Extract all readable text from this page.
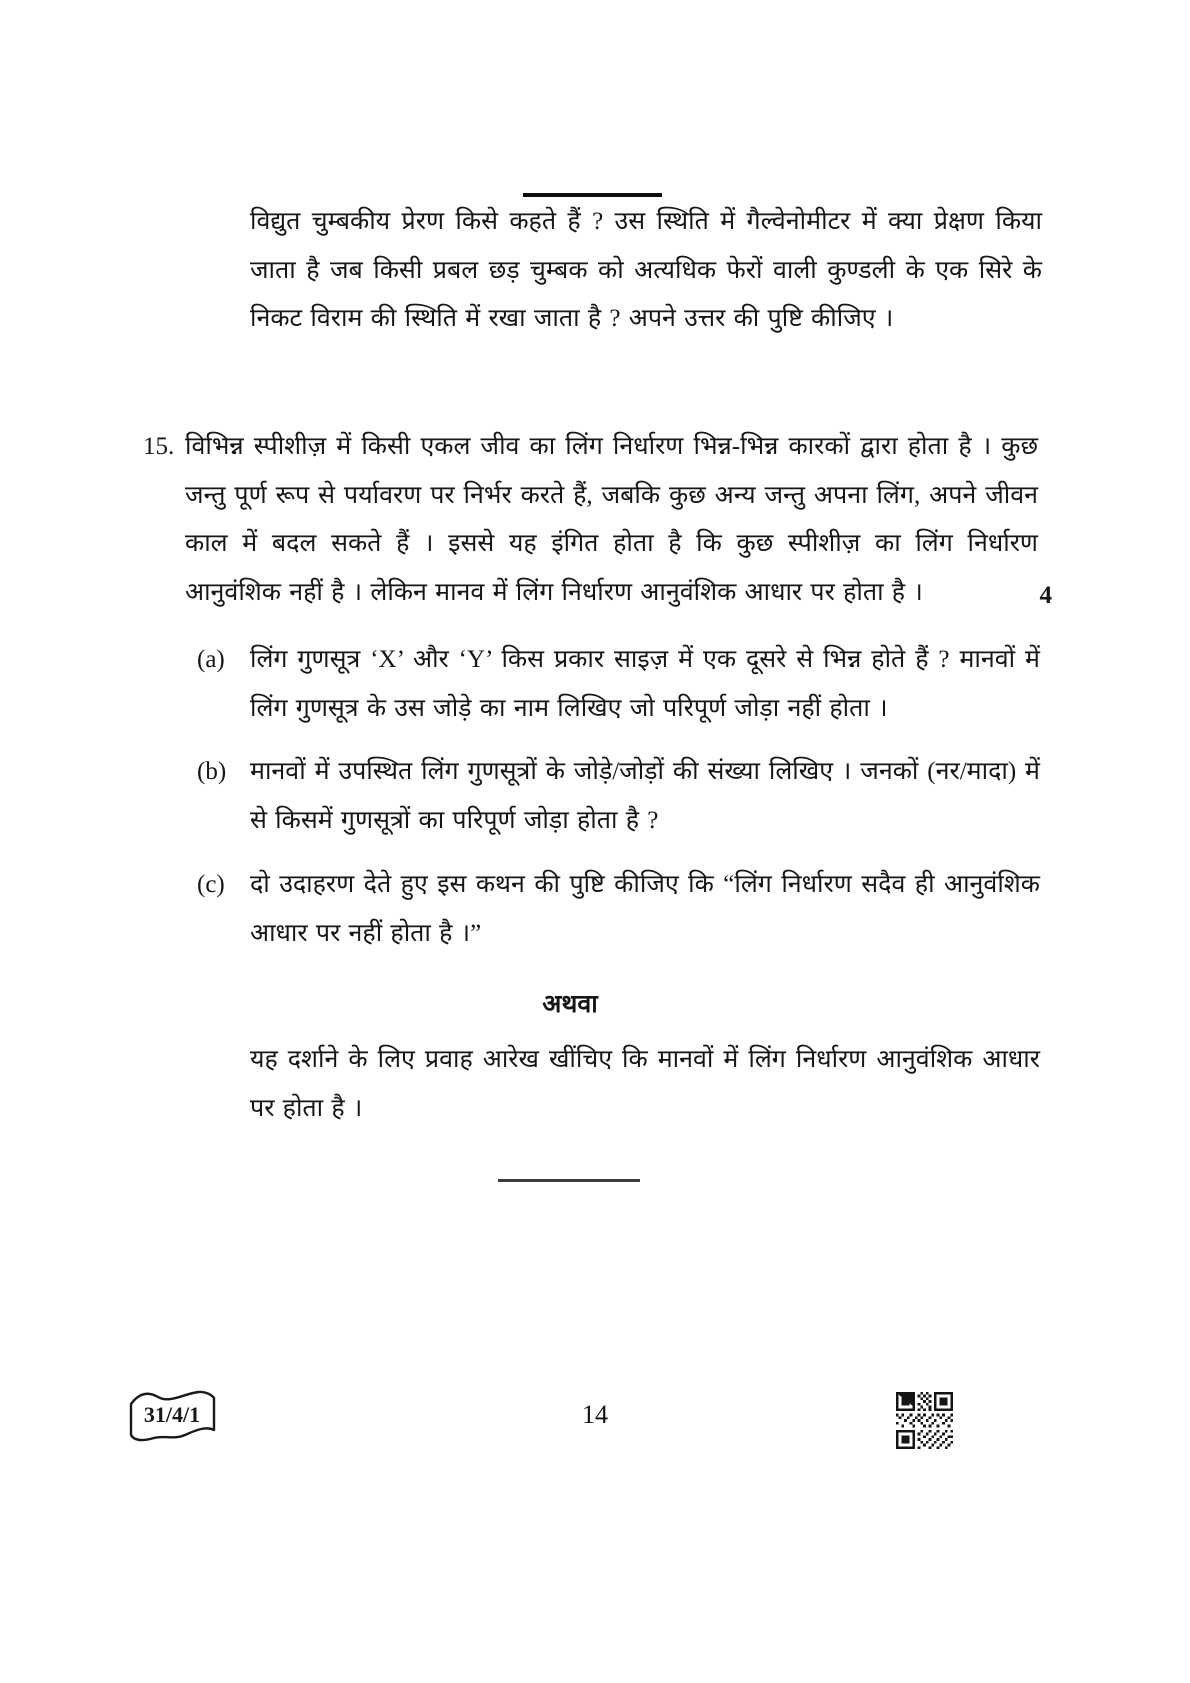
विद्युत चुम्बकीय प्रेरण किसे कहते हैं ? उस स्थिति में गैल्वेनोमीटर में क्या प्रेक्षण किया जाता है जब किसी प्रबल छड़ चुम्बक को अत्यधिक फेरों वाली कुण्डली के एक सिरे के निकट विराम की स्थिति में रखा जाता है ? अपने उत्तर की पुष्टि कीजिए ।
15. विभिन्न स्पीशीज़ में किसी एकल जीव का लिंग निर्धारण भिन्न-भिन्न कारकों द्वारा होता है । कुछ जन्तु पूर्ण रूप से पर्यावरण पर निर्भर करते हैं, जबकि कुछ अन्य जन्तु अपना लिंग, अपने जीवन काल में बदल सकते हैं । इससे यह इंगित होता है कि कुछ स्पीशीज़ का लिंग निर्धारण आनुवंशिक नहीं है । लेकिन मानव में लिंग निर्धारण आनुवंशिक आधार पर होता है ।	4
(a) लिंग गुणसूत्र ‘X’ और ‘Y’ किस प्रकार साइज़ में एक दूसरे से भिन्न होते हैं ? मानवों में लिंग गुणसूत्र के उस जोड़े का नाम लिखिए जो परिपूर्ण जोड़ा नहीं होता ।
(b) मानवों में उपस्थित लिंग गुणसूत्रों के जोड़े/जोड़ों की संख्या लिखिए । जनकों (नर/मादा) में से किसमें गुणसूत्रों का परिपूर्ण जोड़ा होता है ?
(c) दो उदाहरण देते हुए इस कथन की पुष्टि कीजिए कि “लिंग निर्धारण सदैव ही आनुवंशिक आधार पर नहीं होता है ।”
अथवा
यह दर्शाने के लिए प्रवाह आरेख खींचिए कि मानवों में लिंग निर्धारण आनुवंशिक आधार पर होता है ।
31/4/1	14
